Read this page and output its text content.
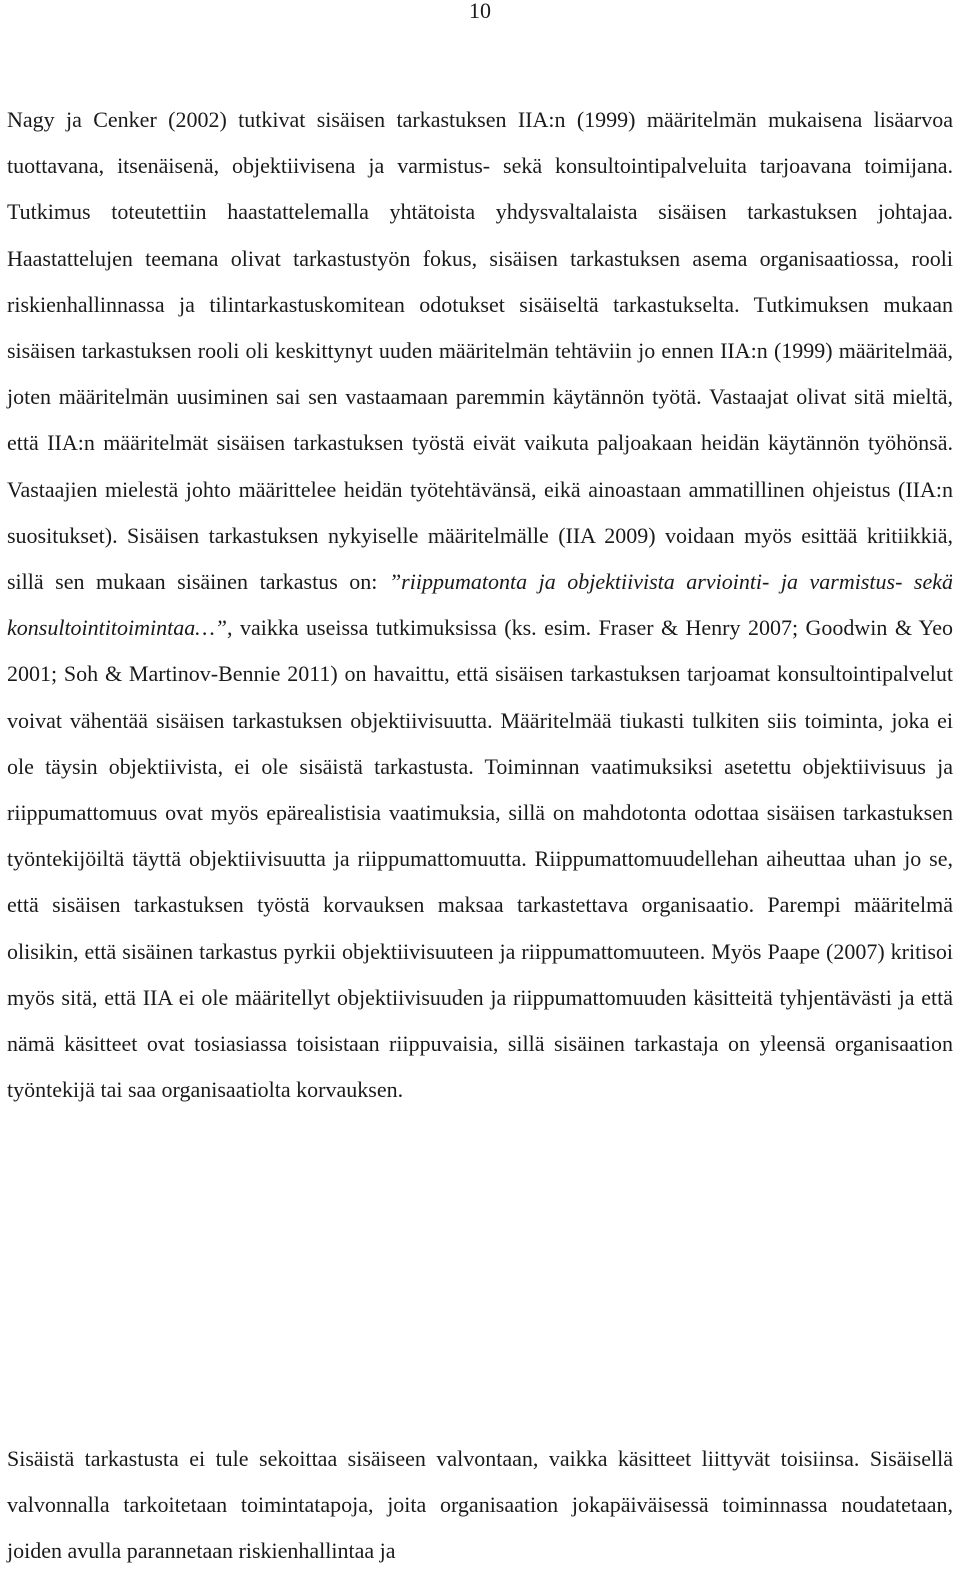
10

Nagy ja Cenker (2002) tutkivat sisäisen tarkastuksen IIA:n (1999) määritelmän mukaisena lisäarvoa tuottavana, itsenäisenä, objektiivisena ja varmistus- sekä konsultointipalveluita tarjoavana toimijana. Tutkimus toteutettiin haastattelemalla yhtätoista yhdysvaltalaista sisäisen tarkastuksen johtajaa. Haastattelujen teemana olivat tarkastustyön fokus, sisäisen tarkastuksen asema organisaatiossa, rooli riskienhallinnassa ja tilintarkastuskomitean odotukset sisäiseltä tarkastukselta. Tutkimuksen mukaan sisäisen tarkastuksen rooli oli keskittynyt uuden määritelmän tehtäviin jo ennen IIA:n (1999) määritelmää, joten määritelmän uusiminen sai sen vastaamaan paremmin käytännön työtä. Vastaajat olivat sitä mieltä, että IIA:n määritelmät sisäisen tarkastuksen työstä eivät vaikuta paljoakaan heidän käytännön työhönsä. Vastaajien mielestä johto määrittelee heidän työtehtävänsä, eikä ainoastaan ammatillinen ohjeistus (IIA:n suositukset). Sisäisen tarkastuksen nykyiselle määritelmälle (IIA 2009) voidaan myös esittää kritiikkiä, sillä sen mukaan sisäinen tarkastus on: ”riippumatonta ja objektiivista arviointi- ja varmistus- sekä konsultointitoimintaa…”, vaikka useissa tutkimuksissa (ks. esim. Fraser & Henry 2007; Goodwin & Yeo 2001; Soh & Martinov-Bennie 2011) on havaittu, että sisäisen tarkastuksen tarjoamat konsultointipalvelut voivat vähentää sisäisen tarkastuksen objektiivisuutta. Määritelmää tiukasti tulkiten siis toiminta, joka ei ole täysin objektiivista, ei ole sisäistä tarkastusta. Toiminnan vaatimuksiksi asetettu objektiivisuus ja riippumattomuus ovat myös epärealistisia vaatimuksia, sillä on mahdotonta odottaa sisäisen tarkastuksen työntekijöiltä täyttä objektiivisuutta ja riippumattomuutta. Riippumattomuudellehan aiheuttaa uhan jo se, että sisäisen tarkastuksen työstä korvauksen maksaa tarkastettava organisaatio. Parempi määritelmä olisikin, että sisäinen tarkastus pyrkii objektiivisuuteen ja riippumattomuuteen. Myös Paape (2007) kritisoi myös sitä, että IIA ei ole määritellyt objektiivisuuden ja riippumattomuuden käsitteitä tyhjentävästi ja että nämä käsitteet ovat tosiasiassa toisistaan riippuvaisia, sillä sisäinen tarkastaja on yleensä organisaation työntekijä tai saa organisaatiolta korvauksen.

Sisäistä tarkastusta ei tule sekoittaa sisäiseen valvontaan, vaikka käsitteet liittyvät toisiinsa. Sisäisellä valvonnalla tarkoitetaan toimintatapoja, joita organisaation jokapäiväisessä toiminnassa noudatetaan, joiden avulla parannetaan riskienhallintaa ja
